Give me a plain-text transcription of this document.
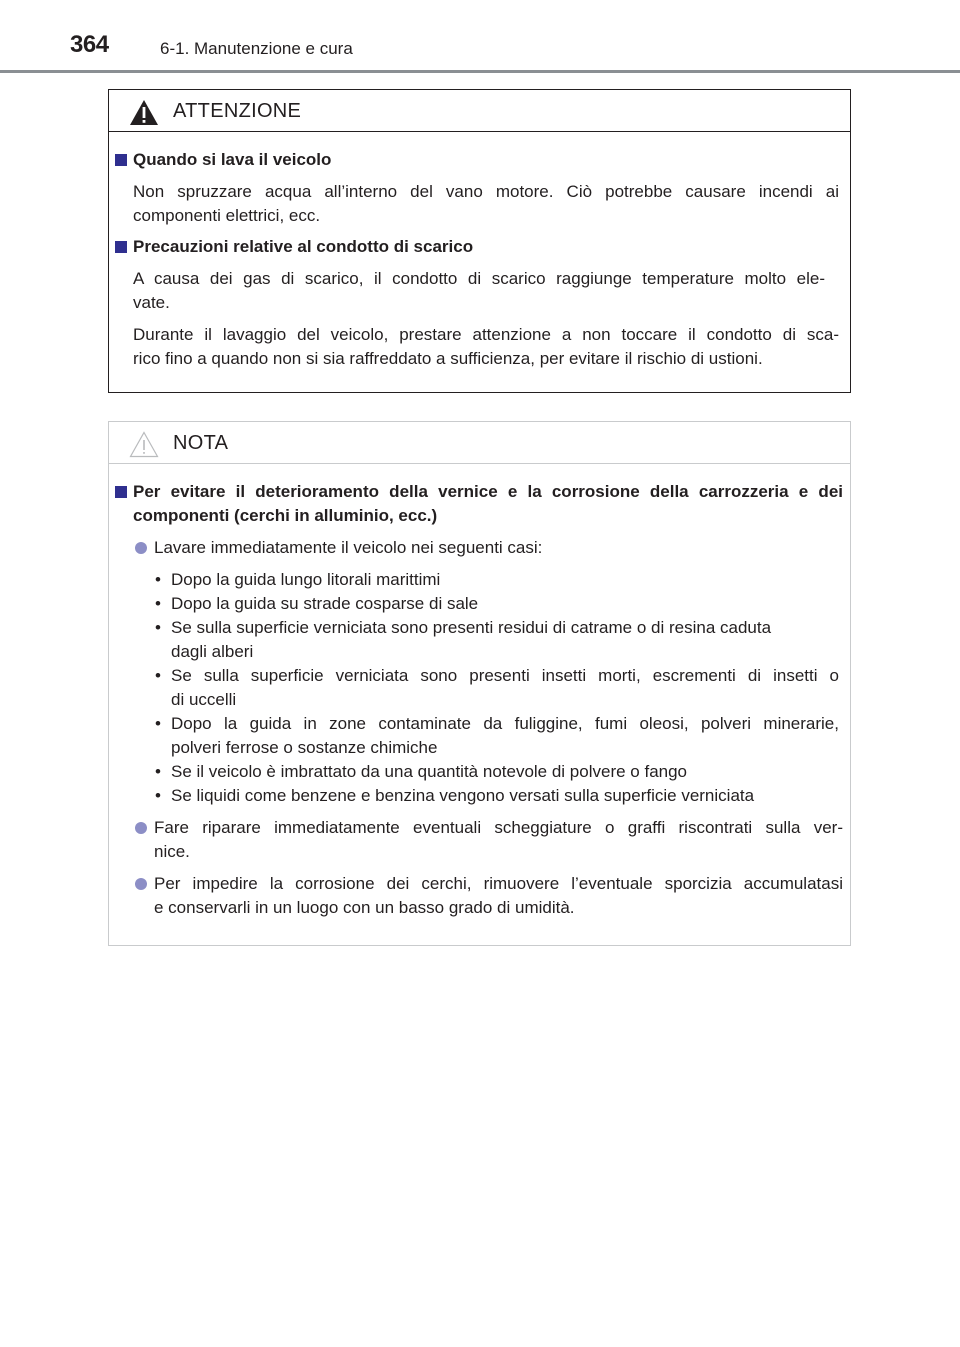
364	6-1. Manutenzione e cura
ATTENZIONE
Quando si lava il veicolo
Non spruzzare acqua all’interno del vano motore. Ciò potrebbe causare incendi ai
componenti elettrici, ecc.
Precauzioni relative al condotto di scarico
A causa dei gas di scarico, il condotto di scarico raggiunge temperature molto ele-
vate.
Durante il lavaggio del veicolo, prestare attenzione a non toccare il condotto di sca-
rico fino a quando non si sia raffreddato a sufficienza, per evitare il rischio di ustioni.
NOTA
Per evitare il deterioramento della vernice e la corrosione della carrozzeria e dei
componenti (cerchi in alluminio, ecc.)
Lavare immediatamente il veicolo nei seguenti casi:
• Dopo la guida lungo litorali marittimi
• Dopo la guida su strade cosparse di sale
• Se sulla superficie verniciata sono presenti residui di catrame o di resina caduta
dagli alberi
• Se sulla superficie verniciata sono presenti insetti morti, escrementi di insetti o
di uccelli
• Dopo la guida in zone contaminate da fuliggine, fumi oleosi, polveri minerarie,
polveri ferrose o sostanze chimiche
• Se il veicolo è imbrattato da una quantità notevole di polvere o fango
• Se liquidi come benzene e benzina vengono versati sulla superficie verniciata
Fare riparare immediatamente eventuali scheggiature o graffi riscontrati sulla ver-
nice.
Per impedire la corrosione dei cerchi, rimuovere l’eventuale sporcizia accumulatasi
e conservarli in un luogo con un basso grado di umidità.
